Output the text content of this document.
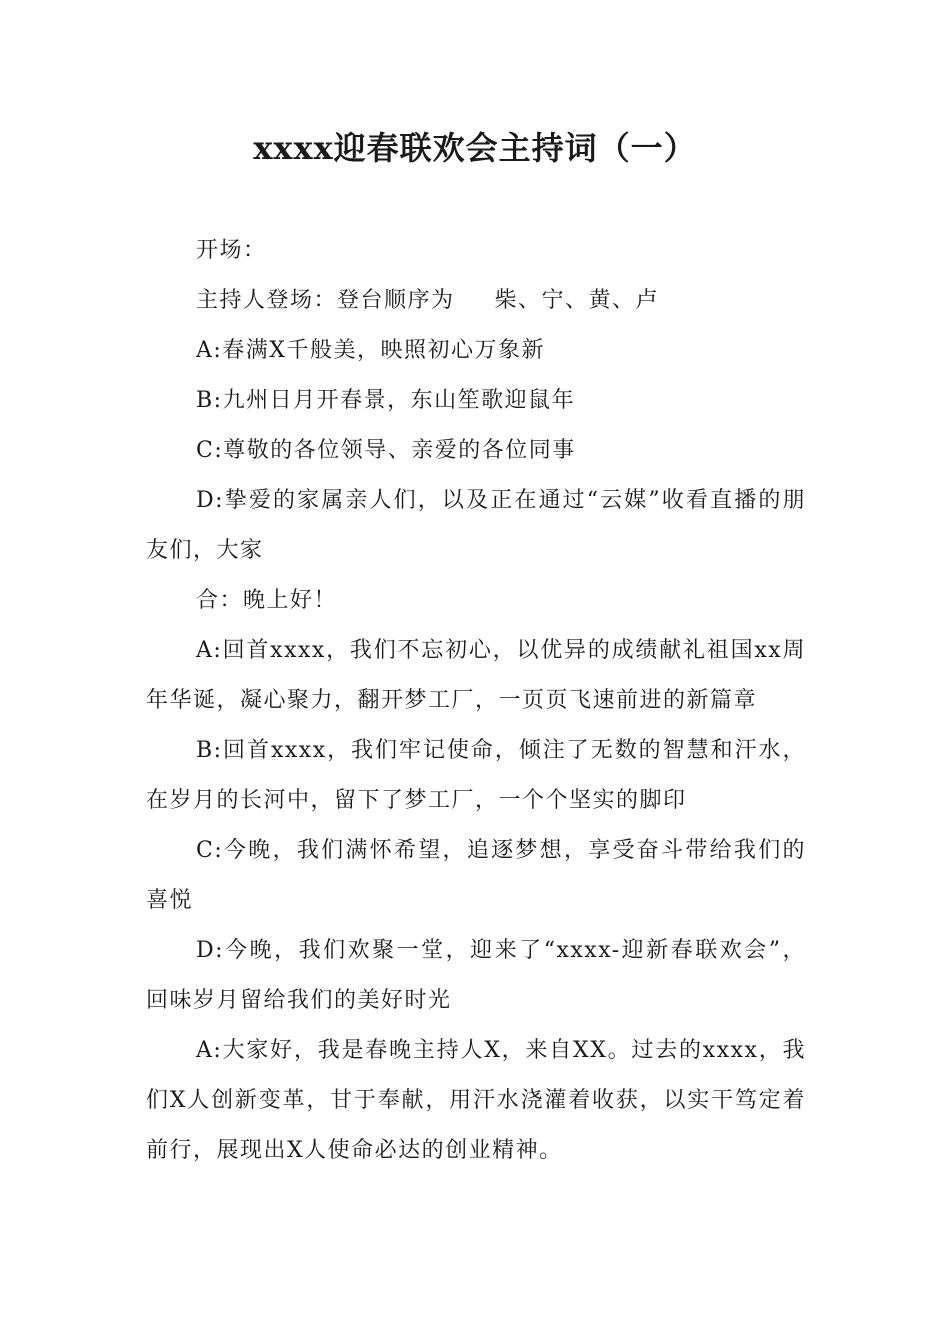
xxxx迎春联欢会主持词（一）

开场：

主持人登场：登台顺序为 柴、宁、黄、卢

A:春满X千般美，映照初心万象新

B:九州日月开春景，东山笙歌迎鼠年

C:尊敬的各位领导、亲爱的各位同事

D:挚爱的家属亲人们，以及正在通过“云媒”收看直播的朋友们，大家

合：晚上好！

A:回首xxxx，我们不忘初心，以优异的成绩献礼祖国xx周年华诞，凝心聚力，翻开梦工厂，一页页飞速前进的新篇章

B:回首xxxx，我们牢记使命，倾注了无数的智慧和汗水，在岁月的长河中，留下了梦工厂，一个个坚实的脚印

C:今晚，我们满怀希望，追逐梦想，享受奋斗带给我们的喜悦

D:今晚，我们欢聚一堂，迎来了“xxxx-迎新春联欢会”，回味岁月留给我们的美好时光

A:大家好，我是春晚主持人X，来自XX。过去的xxxx，我们X人创新变革，甘于奉献，用汗水浇灌着收获，以实干笃定着前行，展现出X人使命必达的创业精神。
